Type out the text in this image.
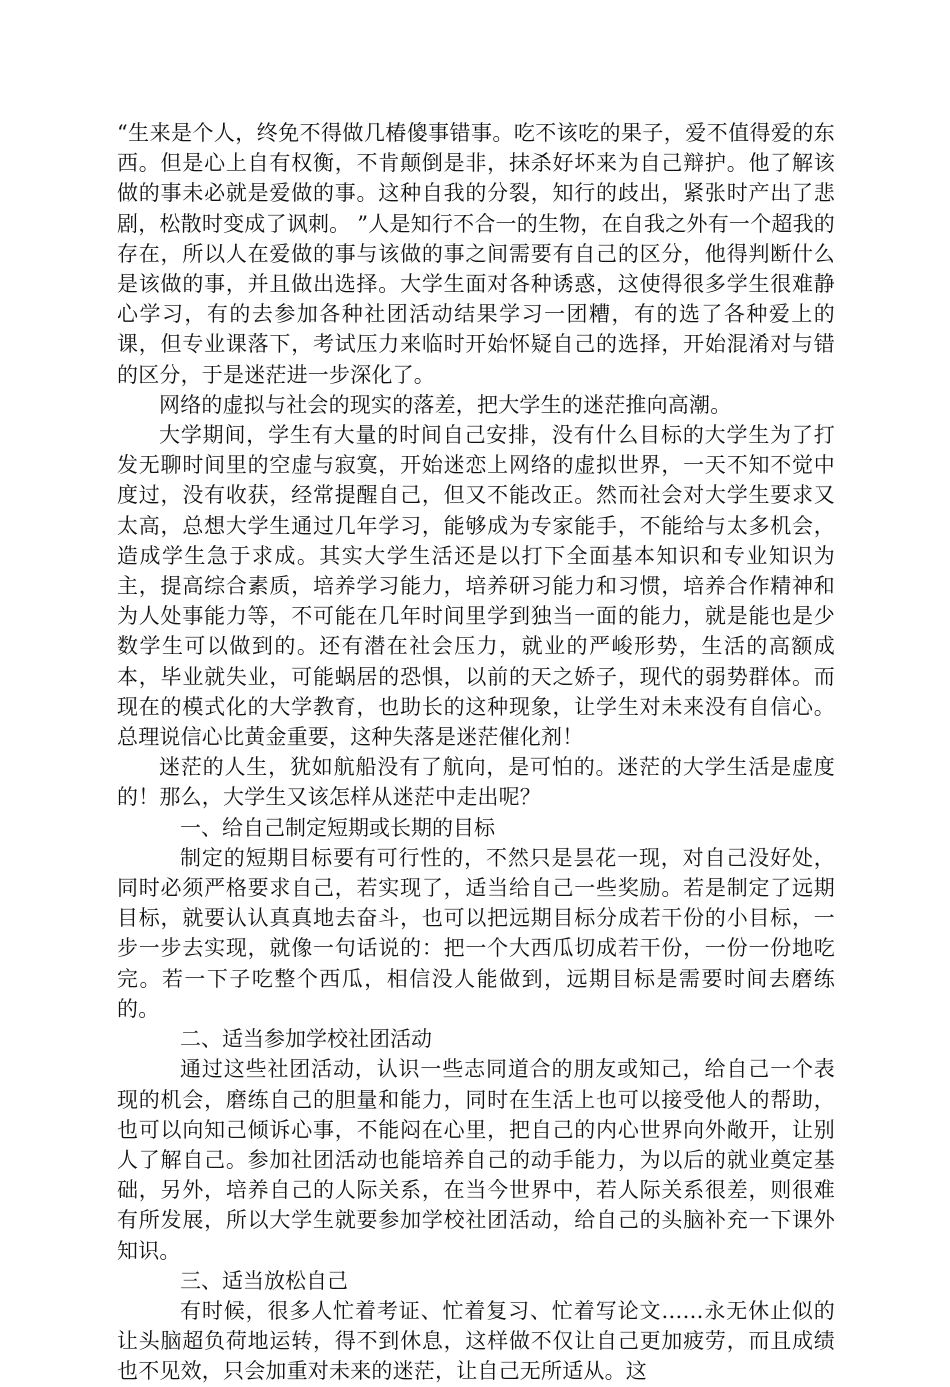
“生来是个人，终免不得做几椿傻事错事。吃不该吃的果子，爱不值得爱的东西。但是心上自有权衡，不肯颠倒是非，抹杀好坏来为自己辩护。他了解该做的事未必就是爱做的事。这种自我的分裂，知行的歧出，紧张时产出了悲剧，松散时变成了讽刺。 ”人是知行不合一的生物，在自我之外有一个超我的存在，所以人在爱做的事与该做的事之间需要有自己的区分，他得判断什么是该做的事，并且做出选择。大学生面对各种诱惑，这使得很多学生很难静心学习，有的去参加各种社团活动结果学习一团糟，有的选了各种爱上的课，但专业课落下，考试压力来临时开始怀疑自己的选择，开始混淆对与错的区分，于是迷茫进一步深化了。

网络的虚拟与社会的现实的落差，把大学生的迷茫推向高潮。

大学期间，学生有大量的时间自己安排，没有什么目标的大学生为了打发无聊时间里的空虚与寂寞，开始迷恋上网络的虚拟世界，一天不知不觉中度过，没有收获，经常提醒自己，但又不能改正。然而社会对大学生要求又太高，总想大学生通过几年学习，能够成为专家能手，不能给与太多机会，造成学生急于求成。其实大学生活还是以打下全面基本知识和专业知识为主，提高综合素质，培养学习能力，培养研习能力和习惯，培养合作精神和为人处事能力等，不可能在几年时间里学到独当一面的能力，就是能也是少数学生可以做到的。还有潜在社会压力，就业的严峻形势，生活的高额成本，毕业就失业，可能蜗居的恐惧，以前的天之娇子，现代的弱势群体。而现在的模式化的大学教育，也助长的这种现象，让学生对未来没有自信心。总理说信心比黄金重要，这种失落是迷茫催化剂！

迷茫的人生，犹如航船没有了航向，是可怕的。迷茫的大学生活是虚度的！那么，大学生又该怎样从迷茫中走出呢？

一、给自己制定短期或长期的目标

制定的短期目标要有可行性的，不然只是昙花一现，对自己没好处，同时必须严格要求自己，若实现了，适当给自己一些奖励。若是制定了远期目标，就要认认真真地去奋斗，也可以把远期目标分成若干份的小目标，一步一步去实现，就像一句话说的：把一个大西瓜切成若干份，一份一份地吃完。若一下子吃整个西瓜，相信没人能做到，远期目标是需要时间去磨练的。

二、适当参加学校社团活动

通过这些社团活动，认识一些志同道合的朋友或知己，给自己一个表现的机会，磨练自己的胆量和能力，同时在生活上也可以接受他人的帮助，也可以向知己倾诉心事，不能闷在心里，把自己的内心世界向外敞开，让别人了解自己。参加社团活动也能培养自己的动手能力，为以后的就业奠定基础，另外，培养自己的人际关系，在当今世界中，若人际关系很差，则很难有所发展，所以大学生就要参加学校社团活动，给自己的头脑补充一下课外知识。

三、适当放松自己

有时候，很多人忙着考证、忙着复习、忙着写论文……永无休止似的让头脑超负荷地运转，得不到休息，这样做不仅让自己更加疲劳，而且成绩也不见效，只会加重对未来的迷茫，让自己无所适从。这
